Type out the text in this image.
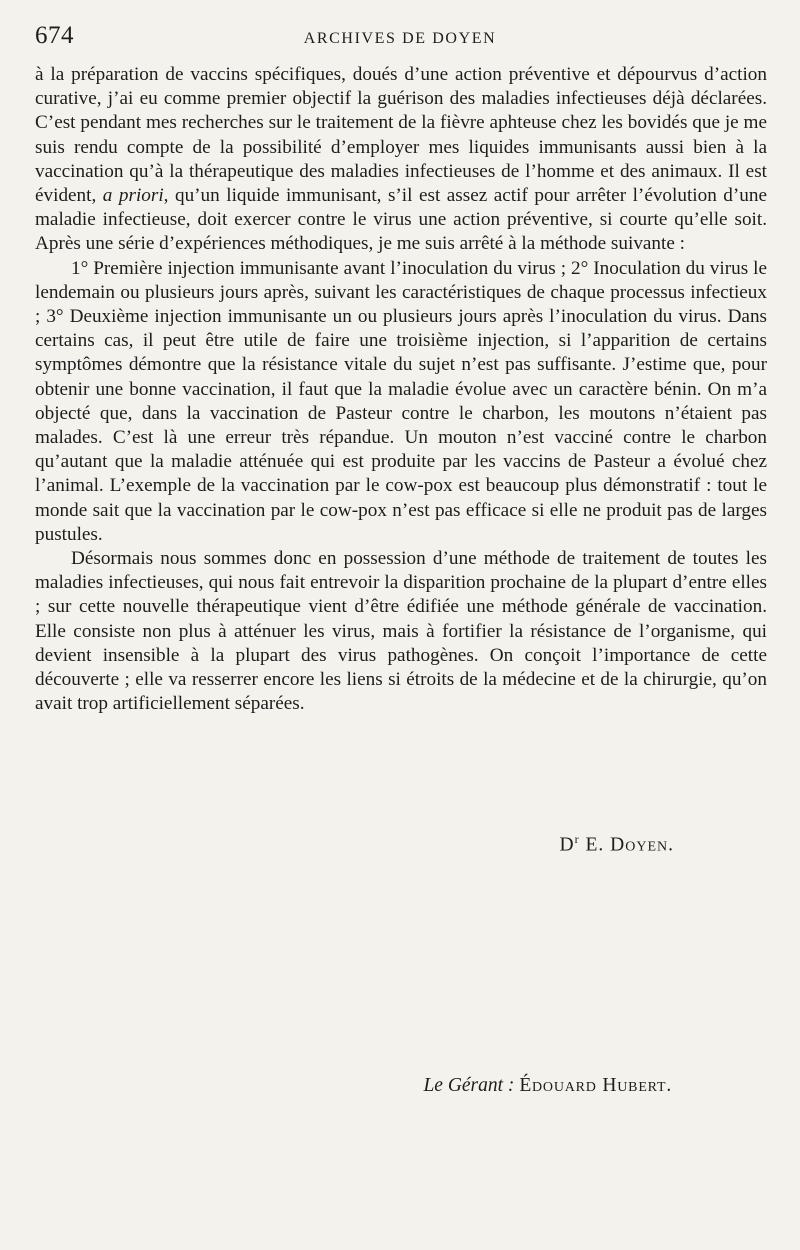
674	ARCHIVES DE DOYEN

à la préparation de vaccins spécifiques, doués d’une action préventive et dépourvus d’action curative, j’ai eu comme premier objectif la guérison des maladies infectieuses déjà déclarées. C’est pendant mes recherches sur le traitement de la fièvre aphteuse chez les bovidés que je me suis rendu compte de la possibilité d’employer mes liquides immunisants aussi bien à la vaccination qu’à la thérapeutique des maladies infectieuses de l’homme et des animaux. Il est évident, a priori, qu’un liquide immunisant, s’il est assez actif pour arrêter l’évolution d’une maladie infectieuse, doit exercer contre le virus une action préventive, si courte qu’elle soit. Après une série d’expériences méthodiques, je me suis arrêté à la méthode suivante :

1° Première injection immunisante avant l’inoculation du virus ; 2° Inoculation du virus le lendemain ou plusieurs jours après, suivant les caractéristiques de chaque processus infectieux ; 3° Deuxième injection immunisante un ou plusieurs jours après l’inoculation du virus. Dans certains cas, il peut être utile de faire une troisième injection, si l’apparition de certains symptômes démontre que la résistance vitale du sujet n’est pas suffisante. J’estime que, pour obtenir une bonne vaccination, il faut que la maladie évolue avec un caractère bénin. On m’a objecté que, dans la vaccination de Pasteur contre le charbon, les moutons n’étaient pas malades. C’est là une erreur très répandue. Un mouton n’est vacciné contre le charbon qu’autant que la maladie atténuée qui est produite par les vaccins de Pasteur a évolué chez l’animal. L’exemple de la vaccination par le cow-pox est beaucoup plus démonstratif : tout le monde sait que la vaccination par le cow-pox n’est pas efficace si elle ne produit pas de larges pustules.

Désormais nous sommes donc en possession d’une méthode de traitement de toutes les maladies infectieuses, qui nous fait entrevoir la disparition prochaine de la plupart d’entre elles ; sur cette nouvelle thérapeutique vient d’être édifiée une méthode générale de vaccination. Elle consiste non plus à atténuer les virus, mais à fortifier la résistance de l’organisme, qui devient insensible à la plupart des virus pathogènes. On conçoit l’importance de cette découverte ; elle va resserrer encore les liens si étroits de la médecine et de la chirurgie, qu’on avait trop artificiellement séparées.

$D^r$ E. Doyen.
Le Gérant : Édouard Hubert.
